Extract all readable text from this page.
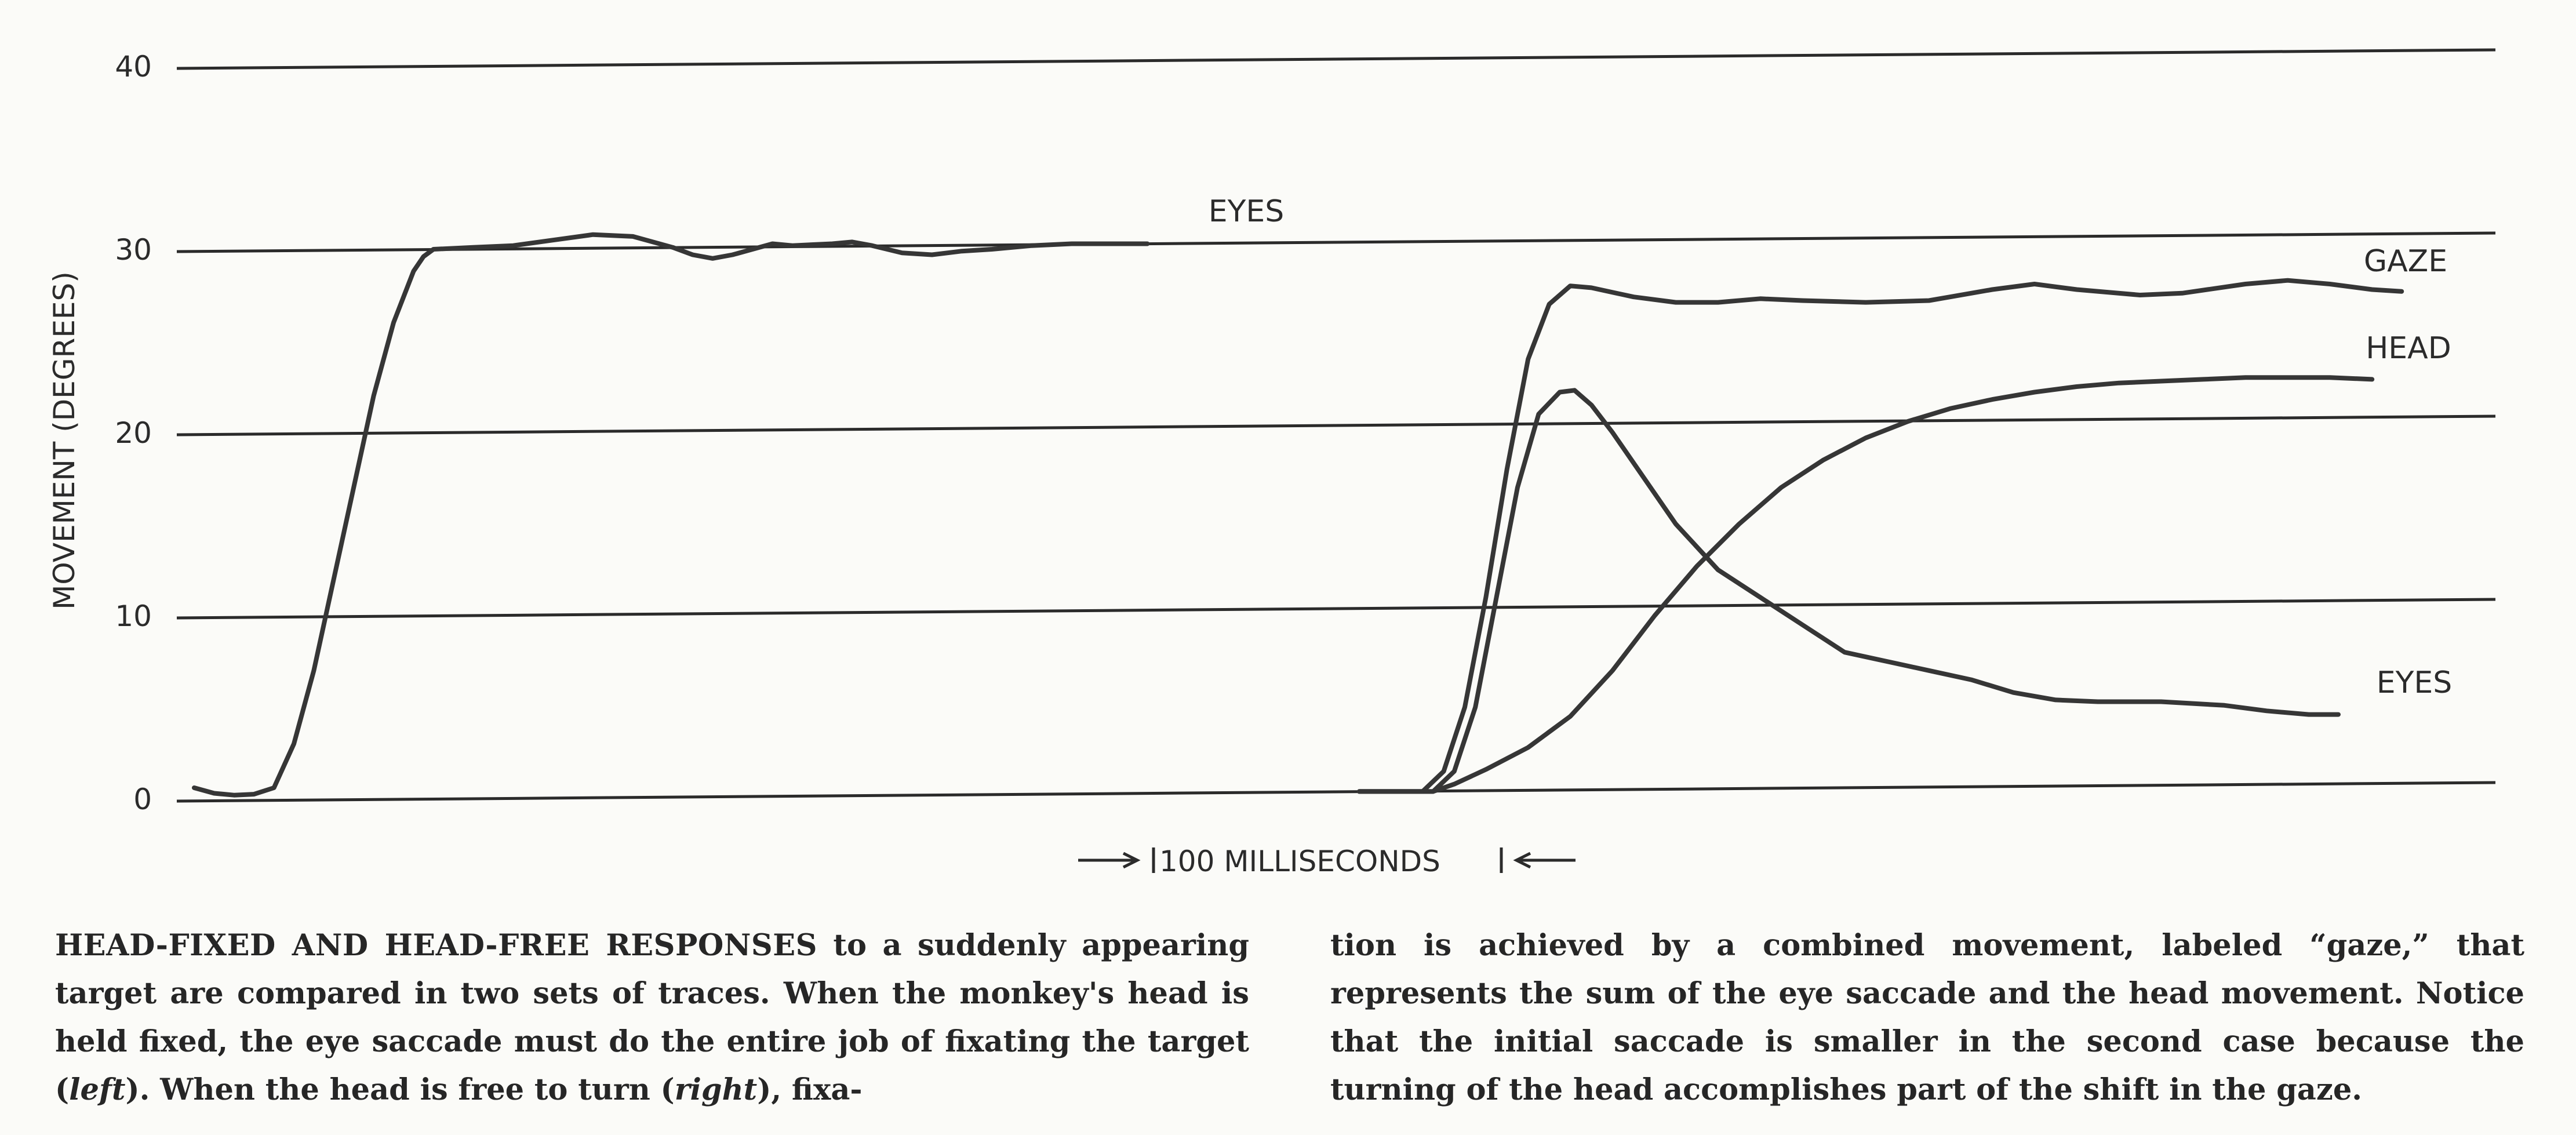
0
10
20
30
40
MOVEMENT (DEGREES)
EYES
GAZE
EYES
HEAD
100 MILLISECONDS
HEAD-FIXED AND HEAD-FREE RESPONSES to a suddenly appearing target are compared in two sets of traces. When the monkey's head is held fixed, the eye saccade must do the entire job of fixating the target (left). When the head is free to turn (right), fixa-
tion is achieved by a combined movement, labeled “gaze,” that represents the sum of the eye saccade and the head movement. Notice that the initial saccade is smaller in the second case because the turning of the head accomplishes part of the shift in the gaze.
